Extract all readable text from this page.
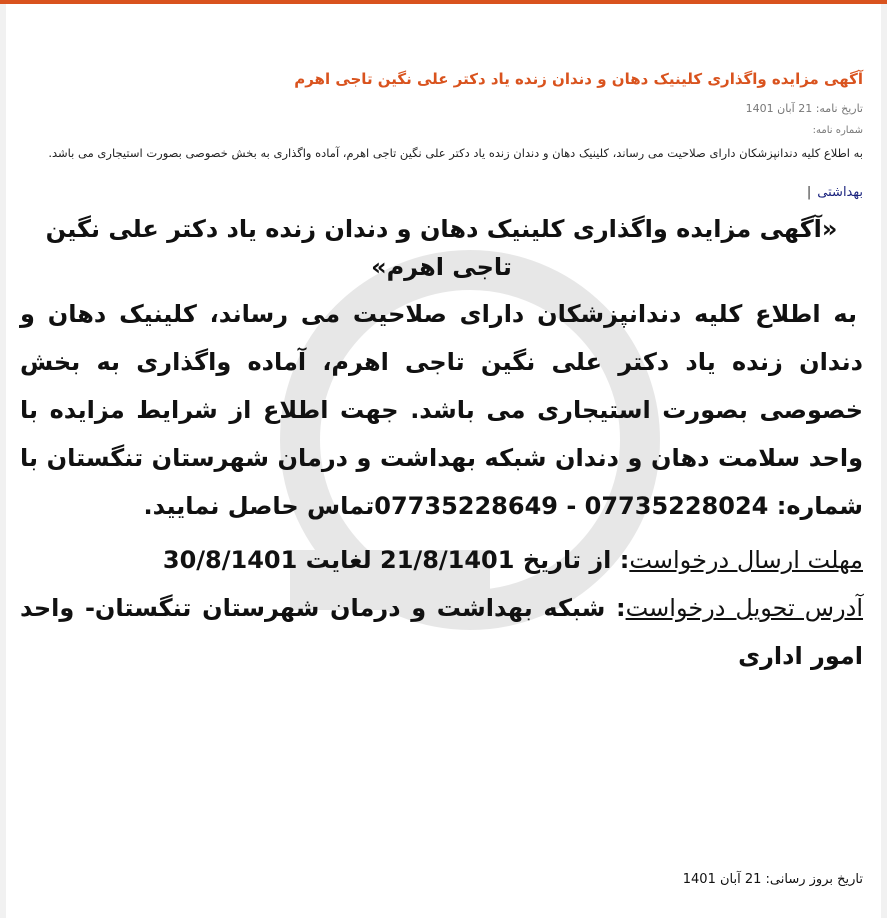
آگهی مزایده واگذاری کلینیک دهان و دندان زنده یاد دکتر علی نگین تاجی اهرم
تاریخ نامه: 21 آبان 1401
شماره نامه:
به اطلاع کلیه دندانپزشکان دارای صلاحیت می رساند، کلینیک دهان و دندان زنده یاد دکتر علی نگین تاجی اهرم، آماده واگذاری به بخش خصوصی بصورت استیجاری می باشد.
بهداشتی|
«آگهی مزایده واگذاری کلینیک دهان و دندان زنده یاد دکتر علی نگین تاجی اهرم»
به اطلاع کلیه دندانپزشکان دارای صلاحیت می رساند، کلینیک دهان و دندان زنده یاد دکتر علی نگین تاجی اهرم، آماده واگذاری به بخش خصوصی بصورت استیجاری می باشد. جهت اطلاع از شرایط مزایده با واحد سلامت دهان و دندان شبکه بهداشت و درمان شهرستان تنگستان با شماره: 07735228024 - 07735228649تماس حاصل نمایید.
مهلت ارسال درخواست: از تاریخ 21/8/1401 لغایت 30/8/1401
آدرس تحویل درخواست: شبکه بهداشت و درمان شهرستان تنگستان- واحد امور اداری
تاریخ بروز رسانی: 21 آبان 1401
